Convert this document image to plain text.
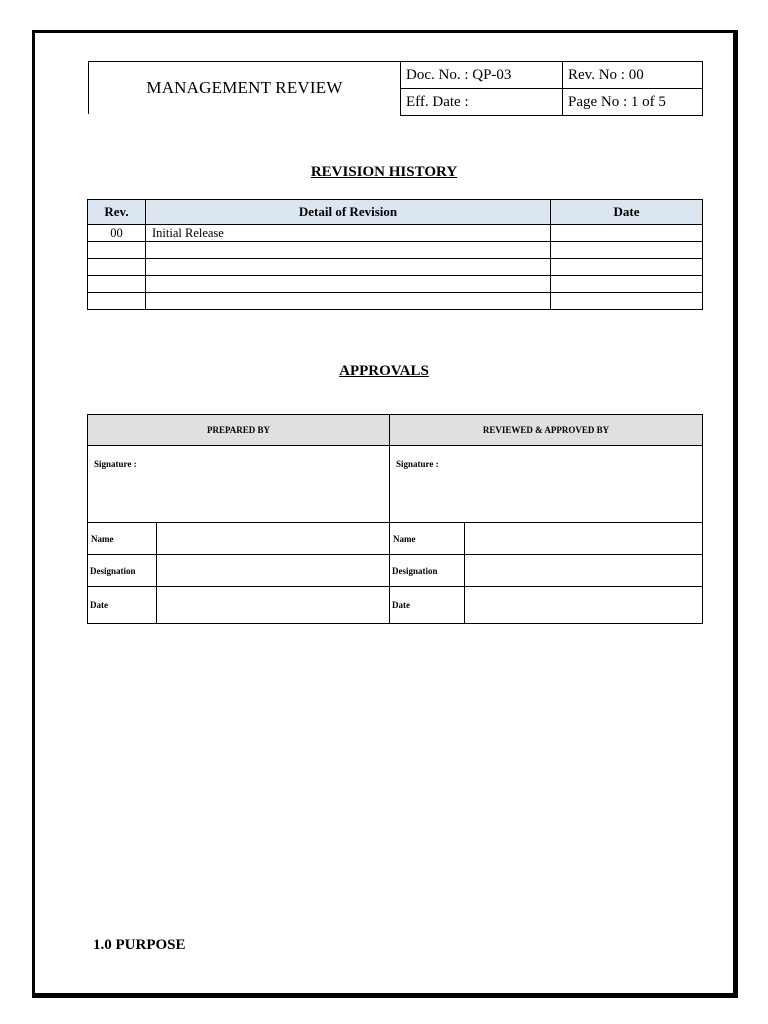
MANAGEMENT REVIEW
Doc. No. : QP-03	Rev. No : 00
Eff. Date :	Page No : 1 of 5
REVISION HISTORY
Rev.	Detail of Revision	Date
00	Initial Release	

APPROVALS
PREPARED BY		REVIEWED & APPROVED BY	
Signature :		Signature :	
Name		Name	
Designation		Designation	
Date		Date	
1.0 PURPOSE
